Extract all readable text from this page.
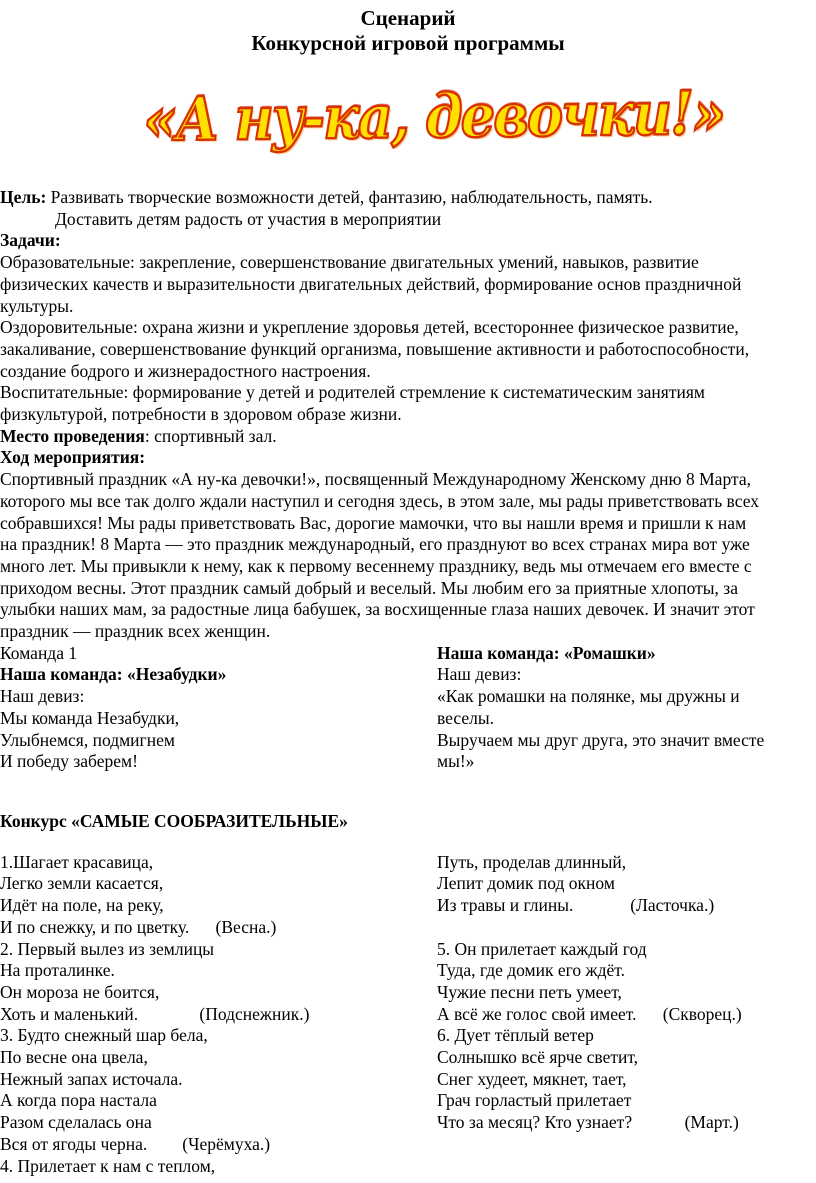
Сценарий
Конкурсной игровой программы
«А ну-ка, девочки!»
Цель: Развивать творческие возможности детей, фантазию, наблюдательность, память.
Доставить детям радость от участия в мероприятии
Задачи:
Образовательные: закрепление, совершенствование двигательных умений, навыков, развитие
физических качеств и выразительности двигательных действий, формирование основ праздничной
культуры.
Оздоровительные: охрана жизни и укрепление здоровья детей, всестороннее физическое развитие,
закаливание, совершенствование функций организма, повышение активности и работоспособности,
создание бодрого и жизнерадостного настроения.
Воспитательные: формирование у детей и родителей стремление к систематическим занятиям
физкультурой, потребности в здоровом образе жизни.
Место проведения: спортивный зал.
Ход мероприятия:
Спортивный праздник «А ну-ка девочки!», посвященный Международному Женскому дню 8 Марта,
которого мы все так долго ждали наступил и сегодня здесь, в этом зале, мы рады приветствовать всех
собравшихся! Мы рады приветствовать Вас, дорогие мамочки, что вы нашли время и пришли к нам
на праздник! 8 Марта — это праздник международный, его празднуют во всех странах мира вот уже
много лет. Мы привыкли к нему, как к первому весеннему празднику, ведь мы отмечаем его вместе с
приходом весны. Этот праздник самый добрый и веселый. Мы любим его за приятные хлопоты, за
улыбки наших мам, за радостные лица бабушек, за восхищенные глаза наших девочек. И значит этот
праздник — праздник всех женщин.
Команда 1
Наша команда: «Незабудки»
Наш девиз:
Мы команда Незабудки,
Улыбнемся, подмигнем
И победу заберем!
Наша команда: «Ромашки»
Наш девиз:
«Как ромашки на полянке, мы дружны и
веселы.
Выручаем мы друг друга, это значит вместе
мы!»
Конкурс «САМЫЕ СООБРАЗИТЕЛЬНЫЕ»
1.Шагает красавица,
Легко земли касается,
Идёт на поле, на реку,
И по снежку, и по цветку.      (Весна.)
2. Первый вылез из землицы
На проталинке.
Он мороза не боится,
Хоть и маленький.              (Подснежник.)
3. Будто снежный шар бела,
По весне она цвела,
Нежный запах источала.
А когда пора настала
Разом сделалась она
Вся от ягоды черна.        (Черёмуха.)
4. Прилетает к нам с теплом,
Путь, проделав длинный,
Лепит домик под окном
Из травы и глины.             (Ласточка.)

5. Он прилетает каждый год
Туда, где домик его ждёт.
Чужие песни петь умеет,
А всё же голос свой имеет.      (Скворец.)
6. Дует тёплый ветер
Солнышко всё ярче светит,
Снег худеет, мякнет, тает,
Грач горластый прилетает
Что за месяц? Кто узнает?            (Март.)
